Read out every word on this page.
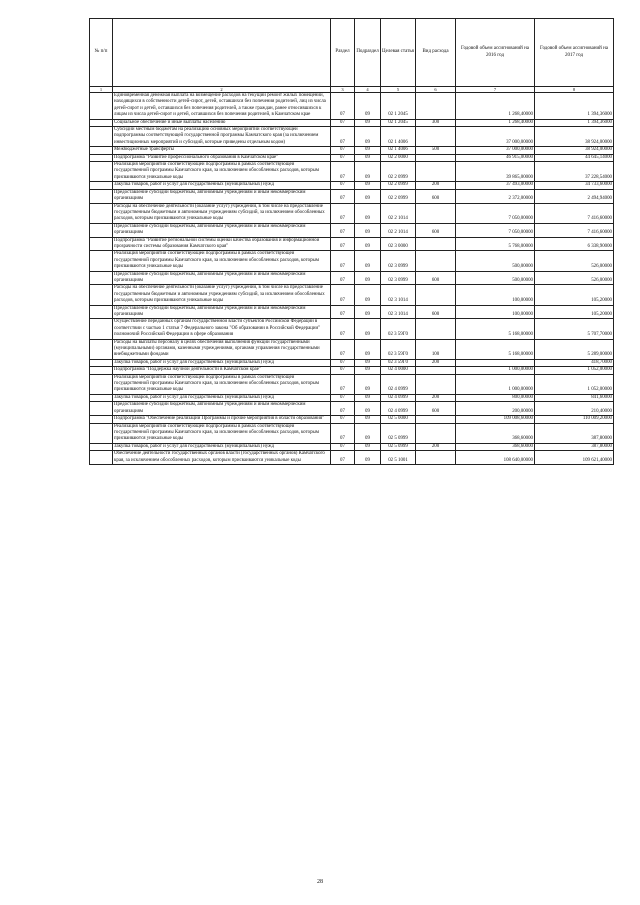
№ п/п		Раздел	Подраздел	Целевая статья	Вид расхода	Годовой объем ассигнований на 2016 год	Годовой объем ассигнований на 2017 год
1	2	3	4	5	6	7	8
	Единовременная денежная выплата на возмещение расходов на текущий ремонт жилых помещений, находящихся в собственности детей-сирот, детей, оставшихся без попечения родителей, лиц из числа детей-сирот и детей, оставшихся без попечения родителей, а также граждан, ранее относившихся к лицам из числа детей-сирот и детей, оставшихся без попечения родителей, в Камчатском крае	07	09	02 1 2045		1 268,40000	1 394,36000
	Социальное обеспечение и иные выплаты населению	07	09	02 1 2045	300	1 268,40000	1 394,36000
	Субсидии местным бюджетам на реализацию основных мероприятий соответствующей подпрограммы соответствующей государственной программы Камчатского края (за исключением инвестиционных мероприятий и субсидий, которые приведены отдельным кодом)	07	09	02 1 4006		37 000,00000	38 924,00000
	Межбюджетные трансферты	07	09	02 1 4006	500	37 000,00000	38 924,00000
	Подпрограмма "Развитие профессионального образования в Камчатском крае"	07	09	02 2 0000		46 915,00000	44 645,14000
	Реализация мероприятий соответствующей подпрограммы в рамках соответствующей государственной программы Камчатского края, за исключением обособленных расходов, которым присваиваются уникальные коды	07	09	02 2 0999		39 865,00000	37 228,54000
	Закупка товаров, работ и услуг для государственных (муниципальных) нужд	07	09	02 2 0999	200	37 493,00000	34 733,60000
	Предоставление субсидий бюджетным, автономным учреждениям и иным некоммерческим организациям	07	09	02 2 0999	600	2 372,00000	2 494,94000
	Расходы на обеспечение деятельности (оказание услуг) учреждений, в том числе на предоставление государственным бюджетным и автономным учреждениям субсидий, за исключением обособленных расходов, которым присваиваются уникальные коды	07	09	02 2 1014		7 050,00000	7 416,60000
	Предоставление субсидий бюджетным, автономным учреждениям и иным некоммерческим организациям	07	09	02 2 1014	600	7 050,00000	7 416,60000
	Подпрограмма "Развитие региональной системы оценки качества образования и информационной прозрачности системы образования Камчатского края"	07	09	02 3 0000		5 768,00000	6 338,90000
	Реализация мероприятий соответствующей подпрограммы в рамках соответствующей государственной программы Камчатского края, за исключением обособленных расходов, которым присваиваются уникальные коды	07	09	02 3 0999		500,00000	526,00000
	Предоставление субсидий бюджетным, автономным учреждениям и иным некоммерческим организациям	07	09	02 3 0999	600	500,00000	526,00000
	Расходы на обеспечение деятельности (оказание услуг) учреждений, в том числе на предоставление государственным бюджетным и автономным учреждениям субсидий, за исключением обособленных расходов, которым присваиваются уникальные коды	07	09	02 3 1014		100,00000	105,20000
	Предоставление субсидий бюджетным, автономным учреждениям и иным некоммерческим организациям	07	09	02 3 1014	600	100,00000	105,20000
	Осуществление переданных органам государственной власти субъектов Российской Федерации в соответствии с частью 1 статьи 7 Федерального закона "Об образовании в Российской Федерации" полномочий Российской Федерации в сфере образования	07	09	02 3 59Г0		5 168,00000	5 707,70000
	Расходы на выплаты персоналу в целях обеспечения выполнения функций государственными (муниципальными) органами, казенными учреждениями, органами управления государственными внебюджетными фондами	07	09	02 3 59Г0	100	5 168,00000	5 289,00000
	Закупка товаров, работ и услуг для государственных (муниципальных) нужд	07	09	02 3 59Г0	200		418,70000
	Подпрограмма "Поддержка научной деятельности в Камчатском крае"	07	09	02 4 0000		1 000,00000	1 052,00000
	Реализация мероприятий соответствующей подпрограммы в рамках соответствующей государственной программы Камчатского края, за исключением обособленных расходов, которым присваиваются уникальные коды	07	09	02 4 0999		1 000,00000	1 052,00000
	Закупка товаров, работ и услуг для государственных (муниципальных) нужд	07	09	02 4 0999	200	800,00000	841,60000
	Предоставление субсидий бюджетным, автономным учреждениям и иным некоммерческим организациям	07	09	02 4 0999	600	200,00000	210,40000
	Подпрограмма "Обеспечение реализации Программы и прочие мероприятия в области образования"	07	09	02 5 0000		109 008,60000	110 009,20000
	Реализация мероприятий соответствующей подпрограммы в рамках соответствующей государственной программы Камчатского края, за исключением обособленных расходов, которым присваиваются уникальные коды	07	09	02 5 0999		368,60000	387,80000
	Закупка товаров, работ и услуг для государственных (муниципальных) нужд	07	09	02 5 0999	200	368,60000	387,80000
	Обеспечение деятельности государственных органов власти (государственных органов) Камчатского края, за исключением обособленных расходов, которым присваиваются уникальные коды	07	09	02 5 1001		108 640,00000	109 621,40000
28
